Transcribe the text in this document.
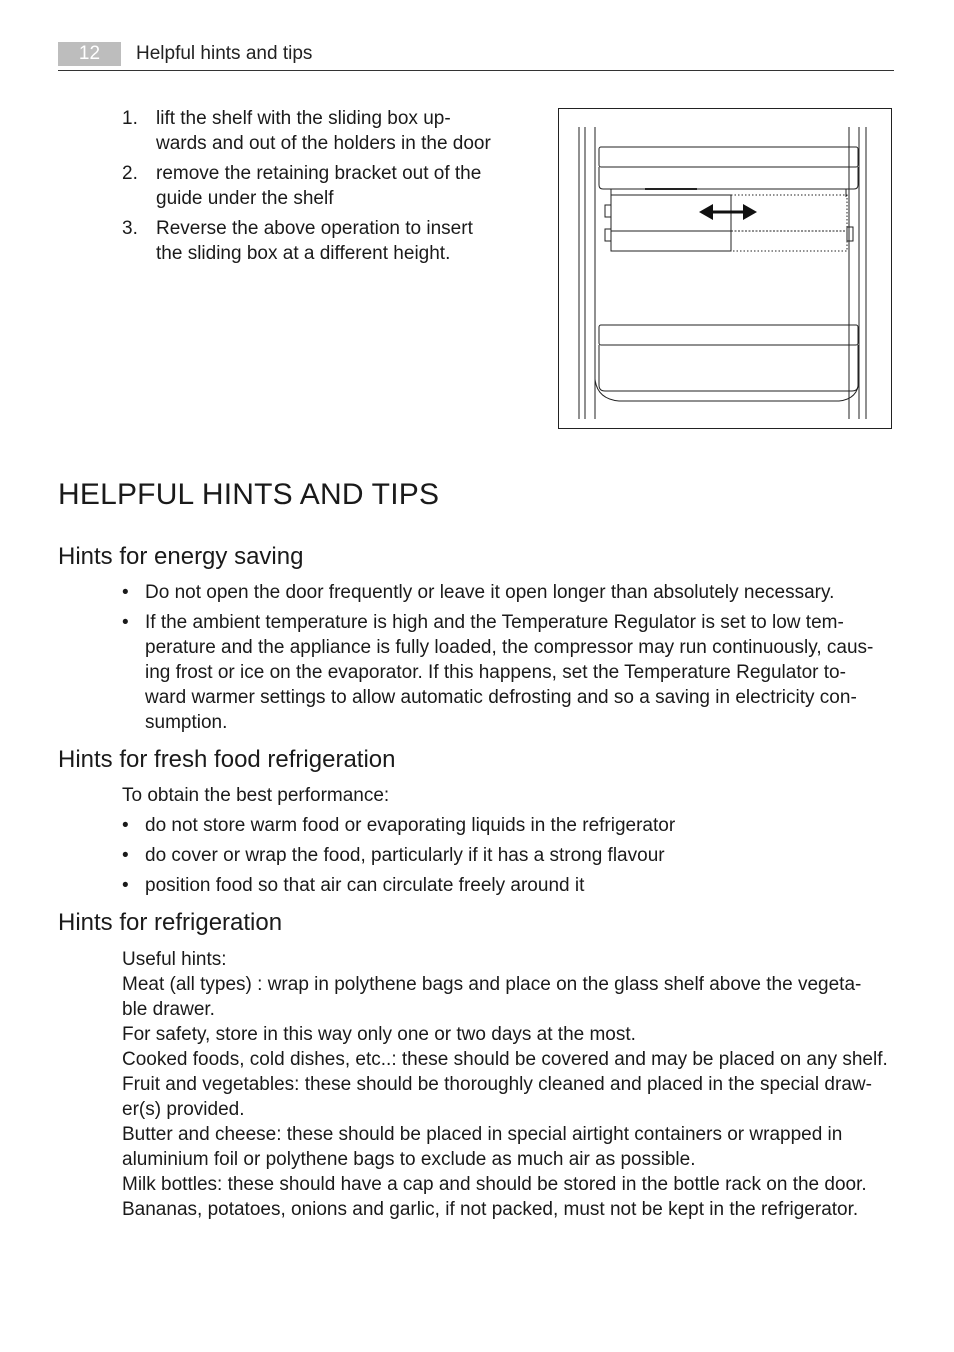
12	Helpful hints and tips
1. lift the shelf with the sliding box up-
wards and out of the holders in the door
2. remove the retaining bracket out of the
guide under the shelf
3. Reverse the above operation to insert
the sliding box at a different height.
HELPFUL HINTS AND TIPS
Hints for energy saving
• Do not open the door frequently or leave it open longer than absolutely necessary.
• If the ambient temperature is high and the Temperature Regulator is set to low tem-
perature and the appliance is fully loaded, the compressor may run continuously, caus-
ing frost or ice on the evaporator. If this happens, set the Temperature Regulator to-
ward warmer settings to allow automatic defrosting and so a saving in electricity con-
sumption.
Hints for fresh food refrigeration

To obtain the best performance:

• do not store warm food or evaporating liquids in the refrigerator
• do cover or wrap the food, particularly if it has a strong flavour
• position food so that air can circulate freely around it
Hints for refrigeration

Useful hints:

Meat (all types) : wrap in polythene bags and place on the glass shelf above the vegeta-

ble drawer.

For safety, store in this way only one or two days at the most.

Cooked foods, cold dishes, etc..: these should be covered and may be placed on any shelf.

Fruit and vegetables: these should be thoroughly cleaned and placed in the special draw-

er(s) provided.

Butter and cheese: these should be placed in special airtight containers or wrapped in

aluminium foil or polythene bags to exclude as much air as possible.

Milk bottles: these should have a cap and should be stored in the bottle rack on the door.

Bananas, potatoes, onions and garlic, if not packed, must not be kept in the refrigerator.
